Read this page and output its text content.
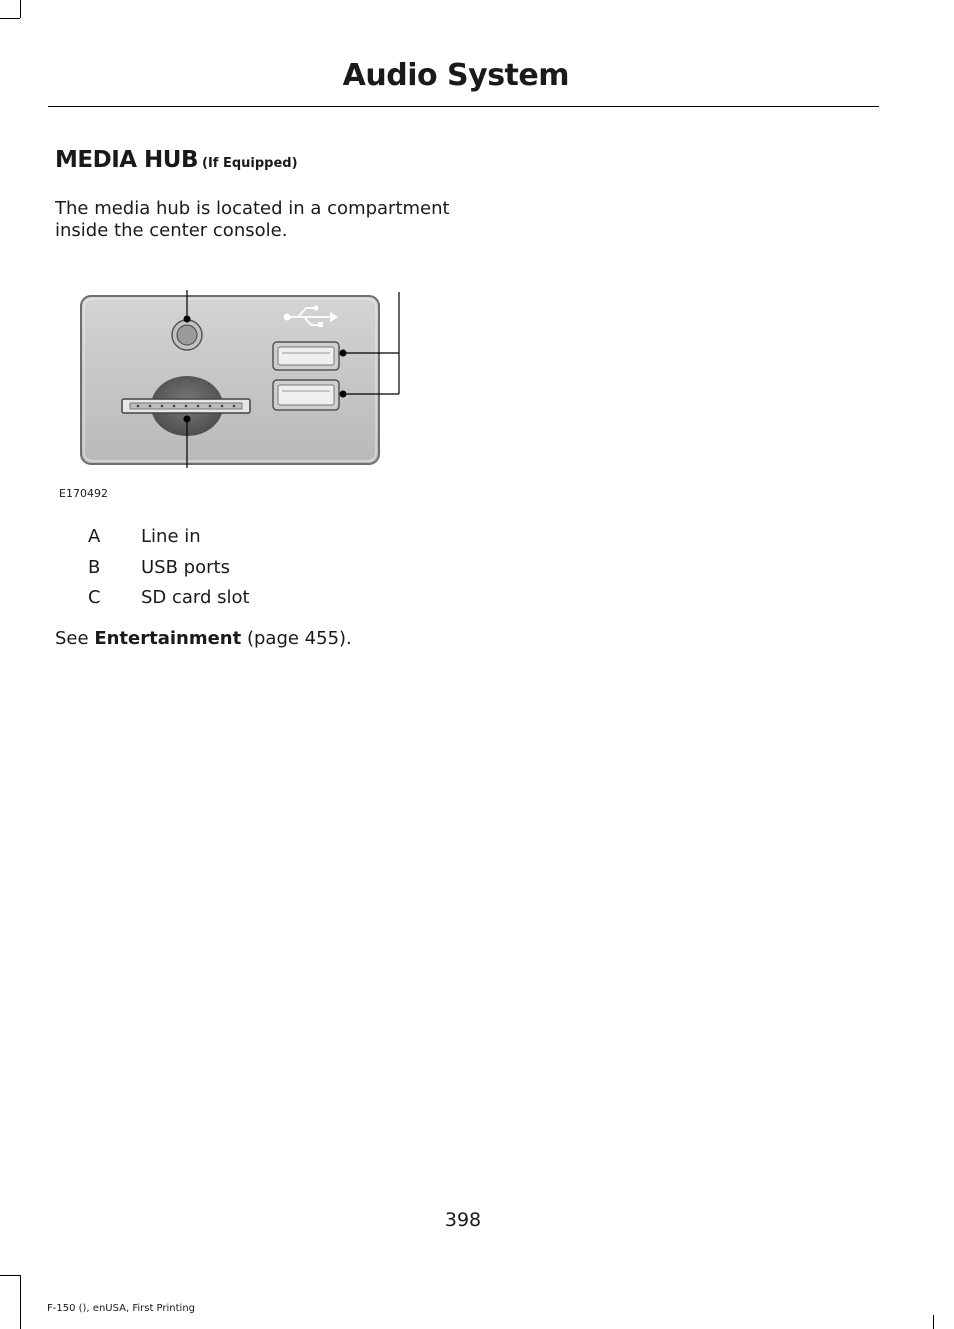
Audio System
MEDIA HUB (If Equipped)
The media hub is located in a compartment inside the center console.
E170492
A Line in
B USB ports
C SD card slot
See Entertainment (page 455).
398
F-150 (), enUSA, First Printing
